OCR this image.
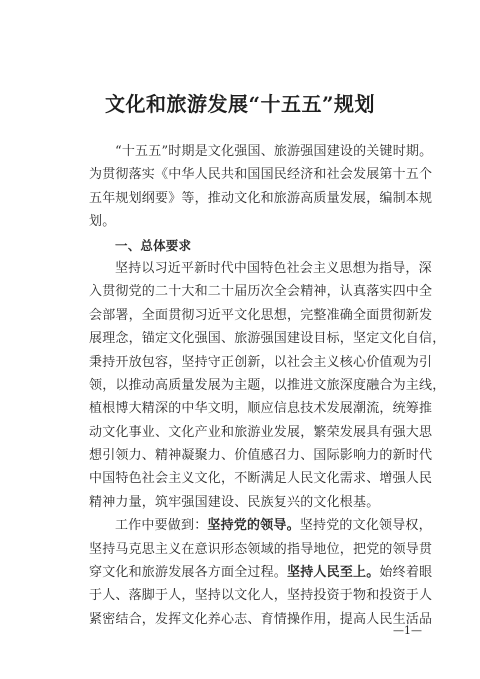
文化和旅游发展“十五五”规划
“十五五”时期是文化强国、旅游强国建设的关键时期。
为贯彻落实《中华人民共和国国民经济和社会发展第十五个
五年规划纲要》等，推动文化和旅游高质量发展，编制本规
划。
一、总体要求
坚持以习近平新时代中国特色社会主义思想为指导，深
入贯彻党的二十大和二十届历次全会精神，认真落实四中全
会部署，全面贯彻习近平文化思想，完整准确全面贯彻新发
展理念，锚定文化强国、旅游强国建设目标，坚定文化自信，
秉持开放包容，坚持守正创新，以社会主义核心价值观为引
领，以推动高质量发展为主题，以推进文旅深度融合为主线，
植根博大精深的中华文明，顺应信息技术发展潮流，统筹推
动文化事业、文化产业和旅游业发展，繁荣发展具有强大思
想引领力、精神凝聚力、价值感召力、国际影响力的新时代
中国特色社会主义文化，不断满足人民文化需求、增强人民
精神力量，筑牢强国建设、民族复兴的文化根基。
工作中要做到：坚持党的领导。坚持党的文化领导权，
坚持马克思主义在意识形态领域的指导地位，把党的领导贯
穿文化和旅游发展各方面全过程。坚持人民至上。始终着眼
于人、落脚于人，坚持以文化人，坚持投资于物和投资于人
紧密结合，发挥文化养心志、育情操作用，提高人民生活品
—1—
